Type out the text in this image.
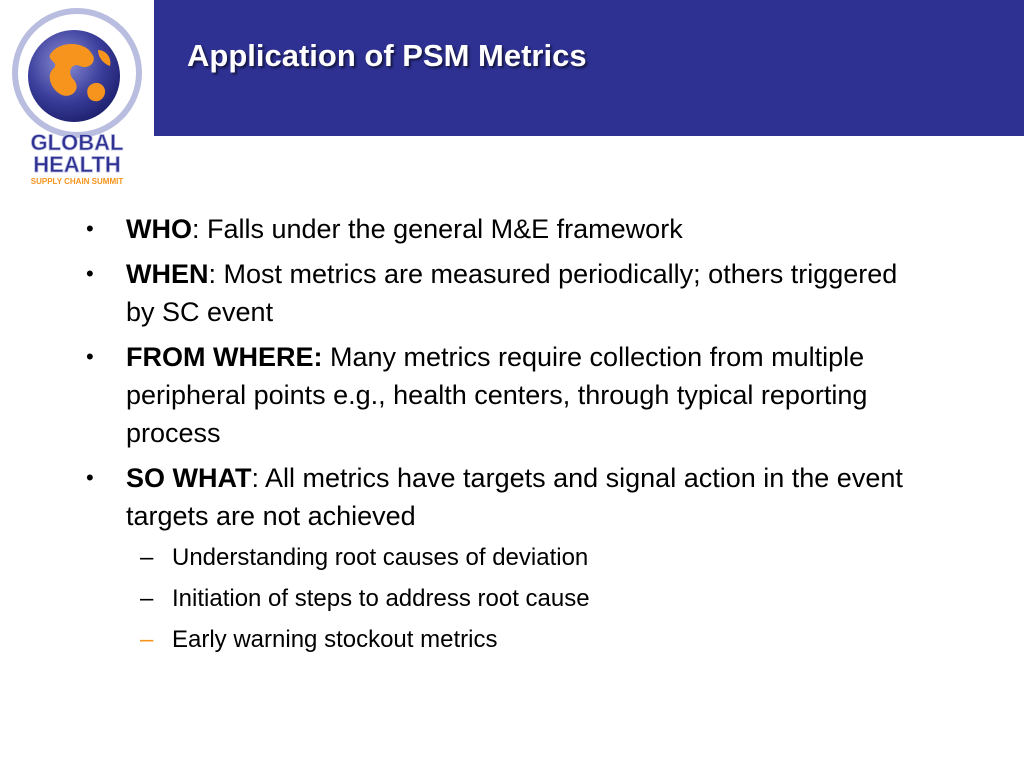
Application of PSM Metrics
GLOBAL
HEALTH
SUPPLY CHAIN SUMMIT
•	WHO: Falls under the general M&E framework
•	WHEN: Most metrics are measured periodically; others triggered by SC event
•	FROM WHERE: Many metrics require collection from multiple peripheral points e.g., health centers, through typical reporting process
•	SO WHAT: All metrics have targets and signal action in the event targets are not achieved
– Understanding root causes of deviation
– Initiation of steps to address root cause
– Early warning stockout metrics
